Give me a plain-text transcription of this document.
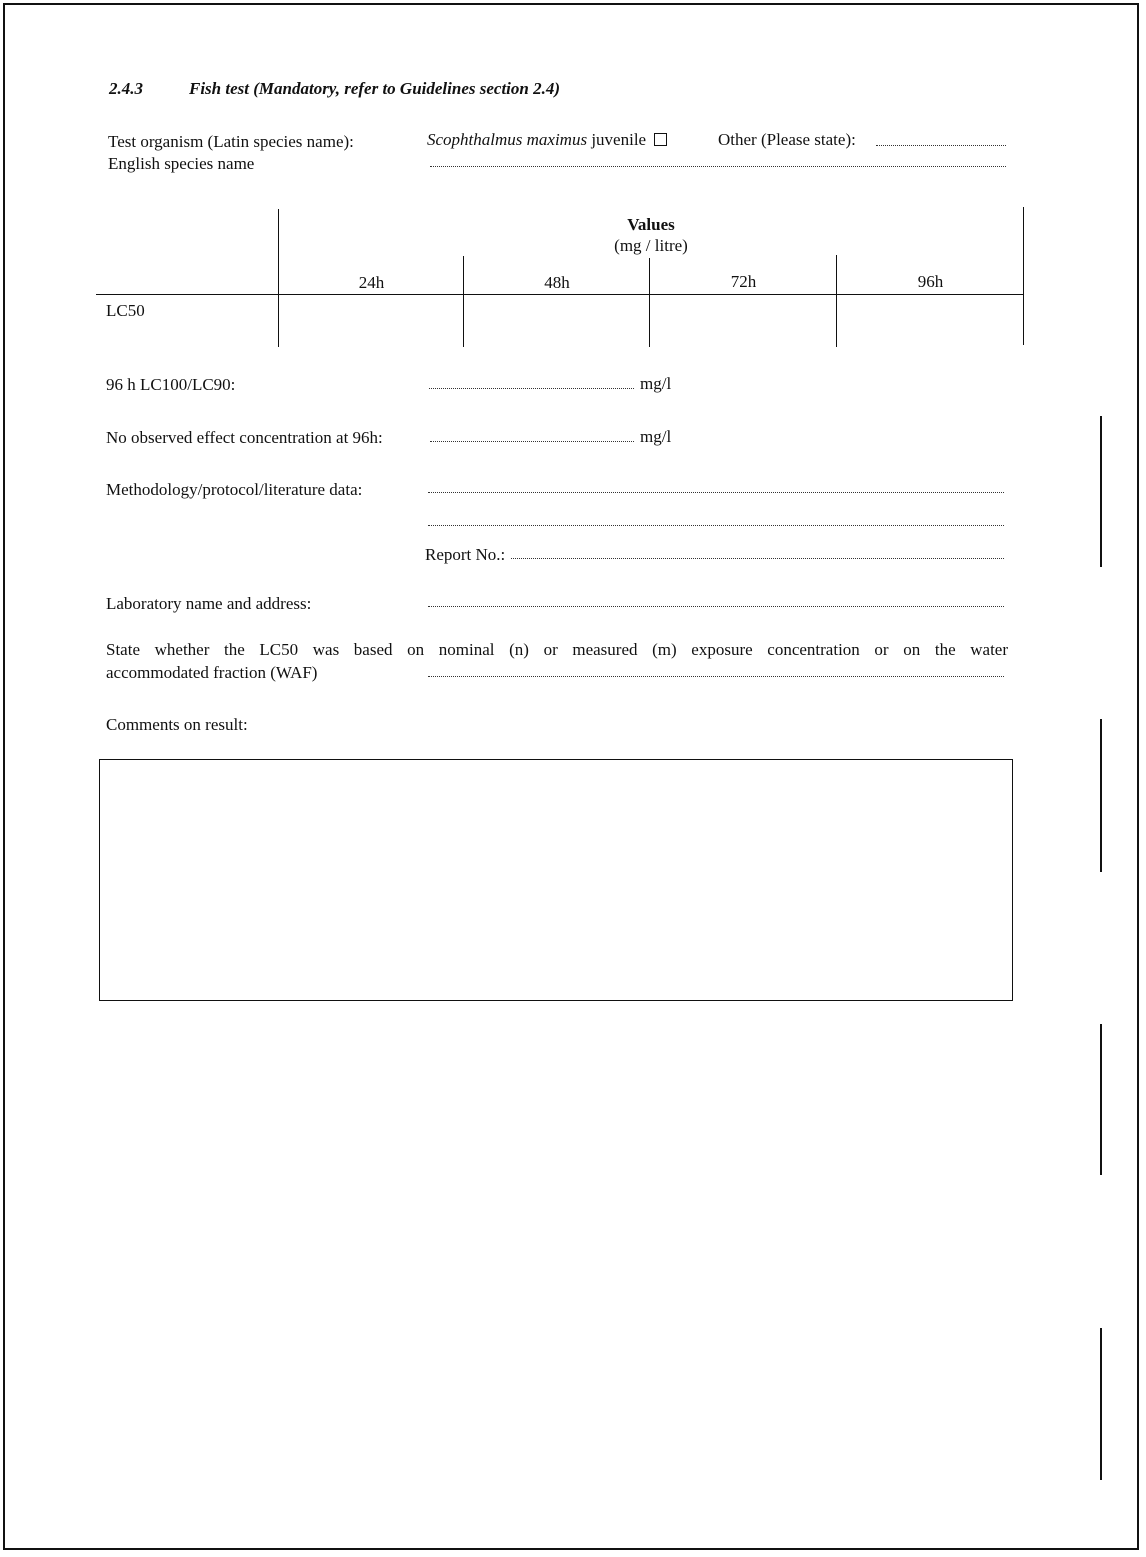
2.4.3	Fish test (Mandatory, refer to Guidelines section 2.4)
Test organism (Latin species name):	Scophthalmus maximus juvenile	Other (Please state):
English species name
Values
(mg / litre)
24h	48h	72h	96h
LC50
96 h LC100/LC90:	mg/l
No observed effect concentration at 96h:	mg/l
Methodology/protocol/literature data:
Report No.:
Laboratory name and address:
State whether the LC50 was based on nominal (n) or measured (m) exposure concentration or on the water
accommodated fraction (WAF)
Comments on result:
